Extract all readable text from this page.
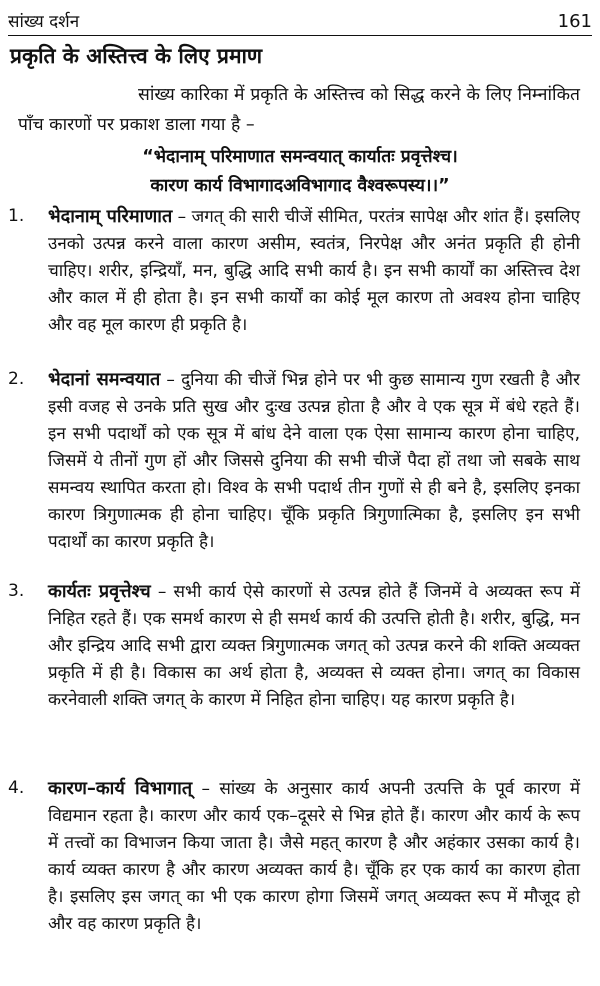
सांख्य दर्शन	161
प्रकृति के अस्तित्त्व के लिए प्रमाण

सांख्य कारिका में प्रकृति के अस्तित्त्व को सिद्ध करने के लिए निम्नांकित पाँच कारणों पर प्रकाश डाला गया है –

“भेदानाम् परिमाणात समन्वयात् कार्यातः प्रवृत्तेश्च।
कारण कार्य विभागादअविभागाद वैश्वरूपस्य।।”
1.	भेदानाम् परिमाणात – जगत् की सारी चीजें सीमित, परतंत्र सापेक्ष और शांत हैं। इसलिए उनको उत्पन्न करने वाला कारण असीम, स्वतंत्र, निरपेक्ष और अनंत प्रकृति ही होनी चाहिए। शरीर, इन्द्रियाँ, मन, बुद्धि आदि सभी कार्य है। इन सभी कार्यों का अस्तित्त्व देश और काल में ही होता है। इन सभी कार्यों का कोई मूल कारण तो अवश्य होना चाहिए और वह मूल कारण ही प्रकृति है।

2.	भेदानां समन्वयात – दुनिया की चीजें भिन्न होने पर भी कुछ सामान्य गुण रखती है और इसी वजह से उनके प्रति सुख और दुःख उत्पन्न होता है और वे एक सूत्र में बंधे रहते हैं। इन सभी पदार्थों को एक सूत्र में बांध देने वाला एक ऐसा सामान्य कारण होना चाहिए, जिसमें ये तीनों गुण हों और जिससे दुनिया की सभी चीजें पैदा हों तथा जो सबके साथ समन्वय स्थापित करता हो। विश्व के सभी पदार्थ तीन गुणों से ही बने है, इसलिए इनका कारण त्रिगुणात्मक ही होना चाहिए। चूँकि प्रकृति त्रिगुणात्मिका है, इसलिए इन सभी पदार्थों का कारण प्रकृति है।

3.	कार्यतः प्रवृत्तेश्च – सभी कार्य ऐसे कारणों से उत्पन्न होते हैं जिनमें वे अव्यक्त रूप में निहित रहते हैं। एक समर्थ कारण से ही समर्थ कार्य की उत्पत्ति होती है। शरीर, बुद्धि, मन और इन्द्रिय आदि सभी द्वारा व्यक्त त्रिगुणात्मक जगत् को उत्पन्न करने की शक्ति अव्यक्त प्रकृति में ही है। विकास का अर्थ होता है, अव्यक्त से व्यक्त होना। जगत् का विकास करनेवाली शक्ति जगत् के कारण में निहित होना चाहिए। यह कारण प्रकृति है।

4.	कारण–कार्य विभागात् – सांख्य के अनुसार कार्य अपनी उत्पत्ति के पूर्व कारण में विद्यमान रहता है। कारण और कार्य एक–दूसरे से भिन्न होते हैं। कारण और कार्य के रूप में तत्त्वों का विभाजन किया जाता है। जैसे महत् कारण है और अहंकार उसका कार्य है। कार्य व्यक्त कारण है और कारण अव्यक्त कार्य है। चूँकि हर एक कार्य का कारण होता है। इसलिए इस जगत् का भी एक कारण होगा जिसमें जगत् अव्यक्त रूप में मौजूद हो और वह कारण प्रकृति है।
